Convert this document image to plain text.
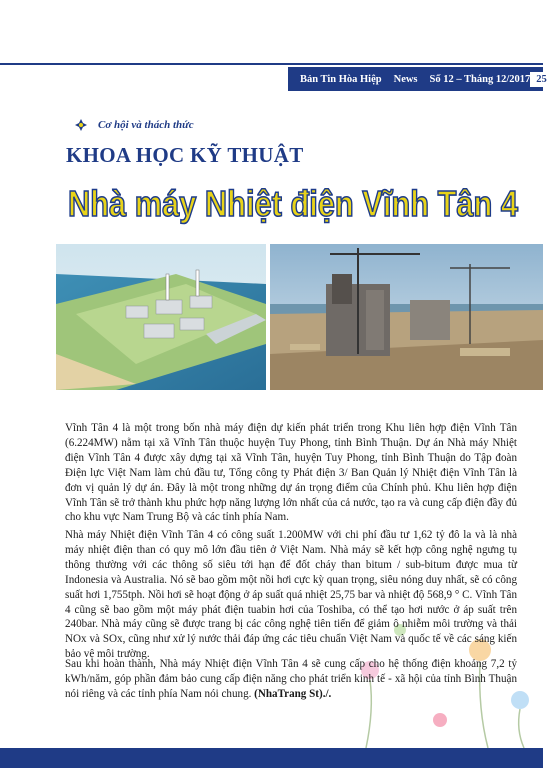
Bản Tin Hòa Hiệp News Số 12 – Tháng 12/2017 25
Cơ hội và thách thức
KHOA HỌC KỸ THUẬT
Nhà máy Nhiệt điện Vĩnh Tân 4

Vĩnh Tân 4 là một trong bốn nhà máy điện dự kiến phát triển trong Khu liên hợp điện Vĩnh Tân (6.224MW) nằm tại xã Vĩnh Tân thuộc huyện Tuy Phong, tỉnh Bình Thuận. Dự án Nhà máy Nhiệt điện Vĩnh Tân 4 được xây dựng tại xã Vĩnh Tân, huyện Tuy Phong, tỉnh Bình Thuận do Tập đoàn Điện lực Việt Nam làm chủ đầu tư, Tổng công ty Phát điện 3/ Ban Quản lý Nhiệt điện Vĩnh Tân là đơn vị quản lý dự án. Đây là một trong những dự án trọng điểm của Chính phủ. Khu liên hợp điện Vĩnh Tân sẽ trở thành khu phức hợp năng lượng lớn nhất của cả nước, tạo ra và cung cấp điện đầy đủ cho khu vực Nam Trung Bộ và các tỉnh phía Nam.

Nhà máy Nhiệt điện Vĩnh Tân 4 có công suất 1.200MW với chi phí đầu tư 1,62 tỷ đô la và là nhà máy nhiệt điện than có quy mô lớn đầu tiên ở Việt Nam. Nhà máy sẽ kết hợp công nghệ ngưng tụ thông thường với các thông số siêu tới hạn để đốt cháy than bitum / sub-bitum được mua từ Indonesia và Australia. Nó sẽ bao gồm một nồi hơi cực kỳ quan trọng, siêu nóng duy nhất, sẽ có công suất hơi 1,755tph. Nồi hơi sẽ hoạt động ở áp suất quá nhiệt 25,75 bar và nhiệt độ 568,9 ° C. Vĩnh Tân 4 cũng sẽ bao gồm một máy phát điện tuabin hơi của Toshiba, có thể tạo hơi nước ở áp suất trên 240bar. Nhà máy cũng sẽ được trang bị các công nghệ tiên tiến để giảm ô nhiễm môi trường và thải NOx và SOx, cũng như xử lý nước thải đáp ứng các tiêu chuẩn Việt Nam và quốc tế về các sáng kiến bảo vệ môi trường.

Sau khi hoàn thành, Nhà máy Nhiệt điện Vĩnh Tân 4 sẽ cung cấp cho hệ thống điện khoảng 7,2 tỷ kWh/năm, góp phần đảm bảo cung cấp điện năng cho phát triển kinh tế - xã hội của tỉnh Bình Thuận nói riêng và các tỉnh phía Nam nói chung. (NhaTrang St)./.
